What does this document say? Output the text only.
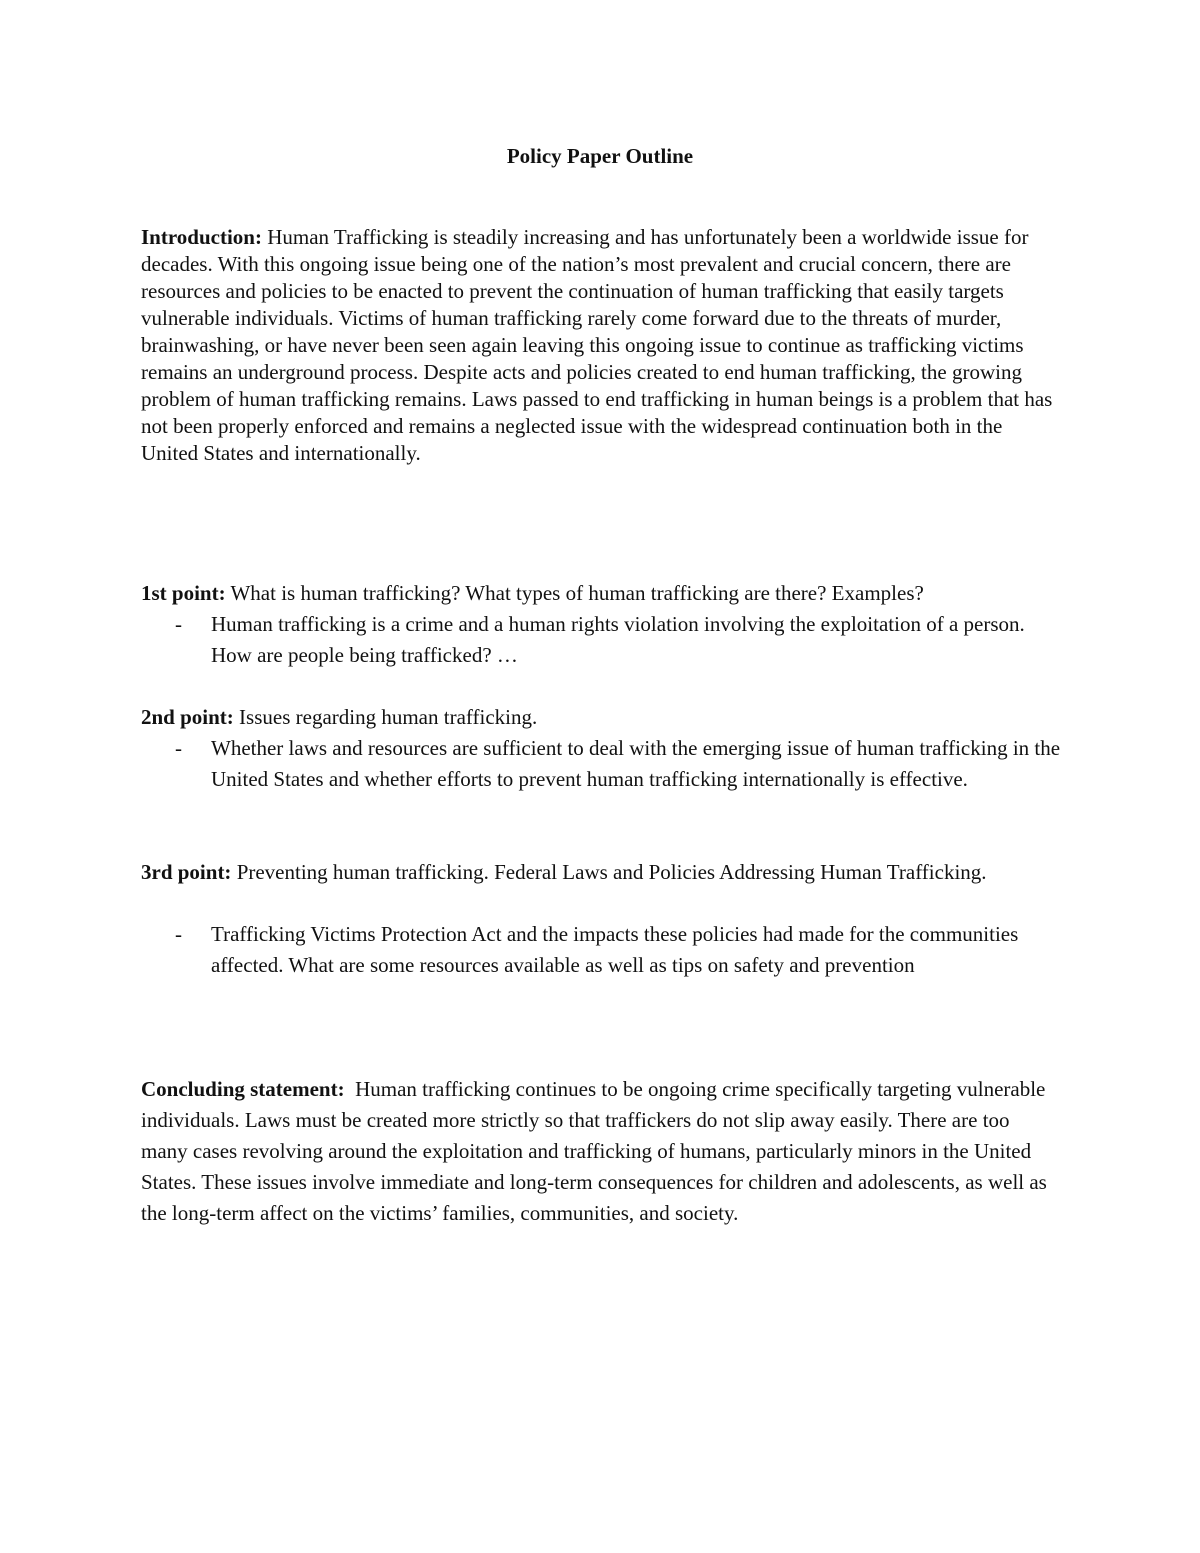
Policy Paper Outline

Introduction: Human Trafficking is steadily increasing and has unfortunately been a worldwide issue for decades. With this ongoing issue being one of the nation’s most prevalent and crucial concern, there are resources and policies to be enacted to prevent the continuation of human trafficking that easily targets vulnerable individuals. Victims of human trafficking rarely come forward due to the threats of murder, brainwashing, or have never been seen again leaving this ongoing issue to continue as trafficking victims remains an underground process. Despite acts and policies created to end human trafficking, the growing problem of human trafficking remains. Laws passed to end trafficking in human beings is a problem that has not been properly enforced and remains a neglected issue with the widespread continuation both in the United States and internationally.

1st point: What is human trafficking? What types of human trafficking are there? Examples?

- Human trafficking is a crime and a human rights violation involving the exploitation of a person. How are people being trafficked? …

2nd point: Issues regarding human trafficking.

- Whether laws and resources are sufficient to deal with the emerging issue of human trafficking in the United States and whether efforts to prevent human trafficking internationally is effective.

3rd point: Preventing human trafficking. Federal Laws and Policies Addressing Human Trafficking.

- Trafficking Victims Protection Act and the impacts these policies had made for the communities affected. What are some resources available as well as tips on safety and prevention

Concluding statement:  Human trafficking continues to be ongoing crime specifically targeting vulnerable individuals. Laws must be created more strictly so that traffickers do not slip away easily. There are too many cases revolving around the exploitation and trafficking of humans, particularly minors in the United States. These issues involve immediate and long-term consequences for children and adolescents, as well as the long-term affect on the victims’ families, communities, and society.
